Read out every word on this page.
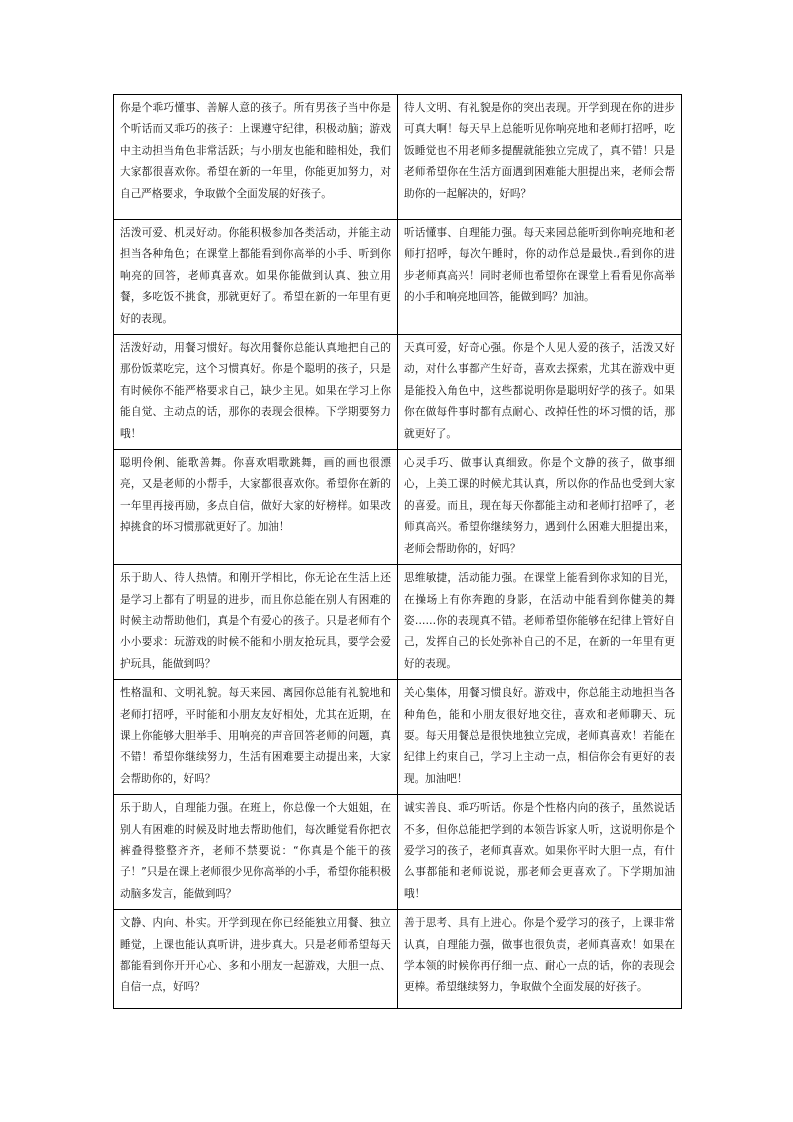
你是个乖巧懂事、善解人意的孩子。所有男孩子当中你是个听话而又乖巧的孩子：上课遵守纪律，积极动脑；游戏中主动担当角色非常活跃；与小朋友也能和睦相处，我们大家都很喜欢你。希望在新的一年里，你能更加努力，对自己严格要求，争取做个全面发展的好孩子。	待人文明、有礼貌是你的突出表现。开学到现在你的进步可真大啊！每天早上总能听见你响亮地和老师打招呼，吃饭睡觉也不用老师多提醒就能独立完成了，真不错！只是老师希望你在生活方面遇到困难能大胆提出来，老师会帮助你的一起解决的，好吗？

活泼可爱、机灵好动。你能积极参加各类活动，并能主动担当各种角色；在课堂上都能看到你高举的小手、听到你响亮的回答，老师真喜欢。如果你能做到认真、独立用餐，多吃饭不挑食，那就更好了。希望在新的一年里有更好的表现。	听话懂事、自理能力强。每天来园总能听到你响亮地和老师打招呼，每次午睡时，你的动作总是最快.,看到你的进步老师真高兴！同时老师也希望你在课堂上看看见你高举的小手和响亮地回答，能做到吗？加油。

活泼好动，用餐习惯好。每次用餐你总能认真地把自己的那份饭菜吃完，这个习惯真好。你是个聪明的孩子，只是有时候你不能严格要求自己，缺少主见。如果在学习上你能自觉、主动点的话，那你的表现会很棒。下学期要努力哦！	天真可爱，好奇心强。你是个人见人爱的孩子，活泼又好动，对什么事都产生好奇，喜欢去探索，尤其在游戏中更是能投入角色中，这些都说明你是聪明好学的孩子。如果你在做每件事时都有点耐心、改掉任性的坏习惯的话，那就更好了。

聪明伶俐、能歌善舞。你喜欢唱歌跳舞，画的画也很漂亮，又是老师的小帮手，大家都很喜欢你。希望你在新的一年里再接再励，多点自信，做好大家的好榜样。如果改掉挑食的坏习惯那就更好了。加油！	心灵手巧、做事认真细致。你是个文静的孩子，做事细心，上美工课的时候尤其认真，所以你的作品也受到大家的喜爱。而且，现在每天你都能主动和老师打招呼了，老师真高兴。希望你继续努力，遇到什么困难大胆提出来，老师会帮助你的，好吗？

乐于助人、待人热情。和刚开学相比，你无论在生活上还是学习上都有了明显的进步，而且你总能在别人有困难的时候主动帮助他们，真是个有爱心的孩子。只是老师有个小小要求：玩游戏的时候不能和小朋友抢玩具，要学会爱护玩具，能做到吗？	思维敏捷，活动能力强。在课堂上能看到你求知的目光，在操场上有你奔跑的身影，在活动中能看到你健美的舞姿……你的表现真不错。老师希望你能够在纪律上管好自己，发挥自己的长处弥补自己的不足，在新的一年里有更好的表现。

性格温和、文明礼貌。每天来园、离园你总能有礼貌地和老师打招呼，平时能和小朋友友好相处，尤其在近期，在课上你能够大胆举手、用响亮的声音回答老师的问题，真不错！希望你继续努力，生活有困难要主动提出来，大家会帮助你的，好吗？	关心集体，用餐习惯良好。游戏中，你总能主动地担当各种角色，能和小朋友很好地交往，喜欢和老师聊天、玩耍。每天用餐总是很快地独立完成，老师真喜欢！若能在纪律上约束自己，学习上主动一点，相信你会有更好的表现。加油吧！

乐于助人，自理能力强。在班上，你总像一个大姐姐，在别人有困难的时候及时地去帮助他们，每次睡觉看你把衣裤叠得整整齐齐，老师不禁要说：“你真是个能干的孩子！”只是在课上老师很少见你高举的小手，希望你能积极动脑多发言，能做到吗？	诚实善良、乖巧听话。你是个性格内向的孩子，虽然说话不多，但你总能把学到的本领告诉家人听，这说明你是个爱学习的孩子，老师真喜欢。如果你平时大胆一点，有什么事都能和老师说说，那老师会更喜欢了。下学期加油哦！

文静、内向、朴实。开学到现在你已经能独立用餐、独立睡觉，上课也能认真听讲，进步真大。只是老师希望每天都能看到你开开心心、多和小朋友一起游戏，大胆一点、自信一点，好吗？	善于思考、具有上进心。你是个爱学习的孩子，上课非常认真，自理能力强，做事也很负责，老师真喜欢！如果在学本领的时候你再仔细一点、耐心一点的话，你的表现会更棒。希望继续努力，争取做个全面发展的好孩子。
